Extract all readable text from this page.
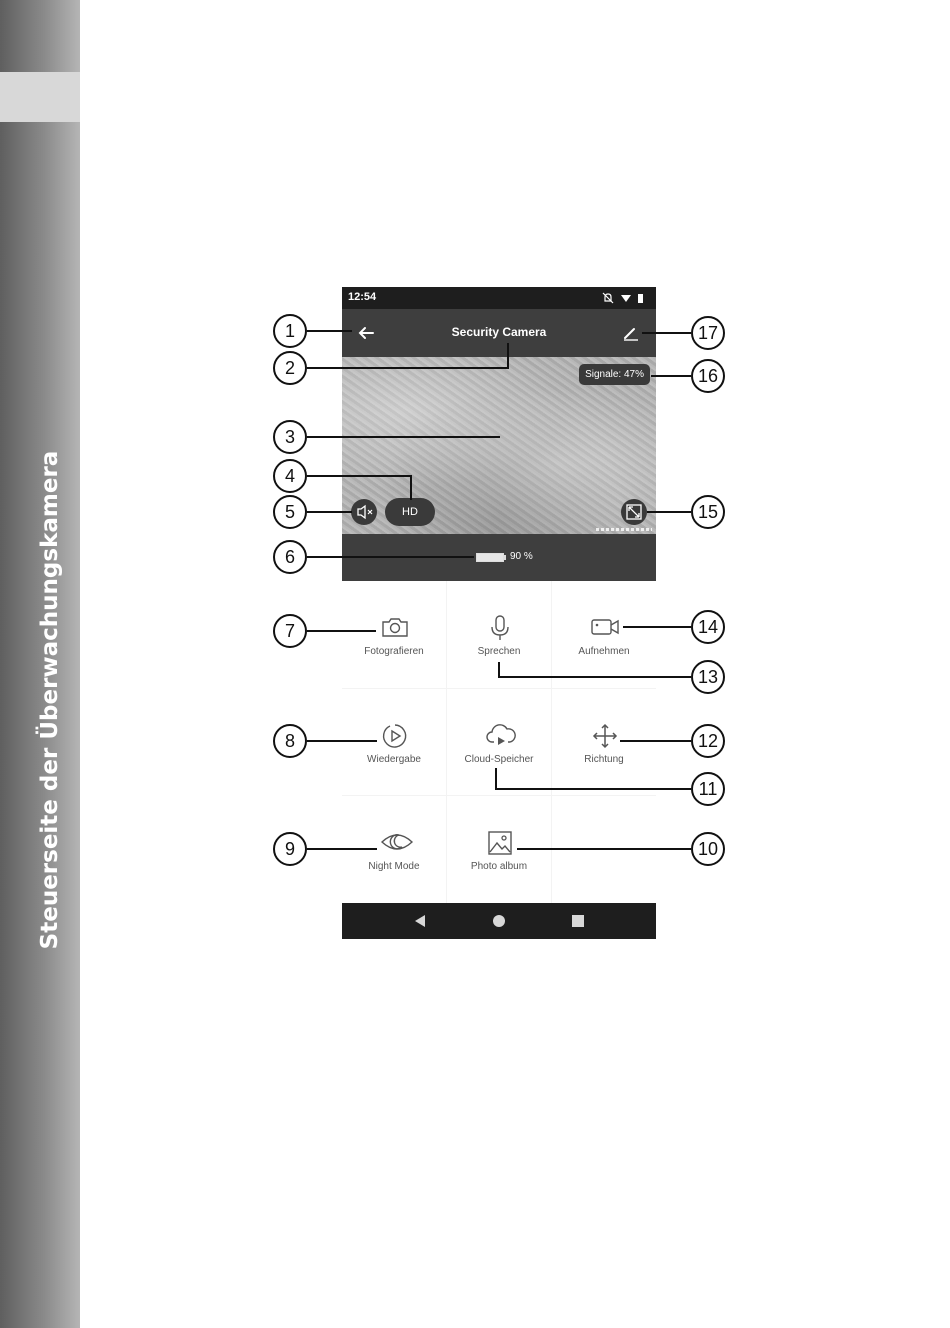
Steuerseite der Überwachungskamera
12:54
Security Camera
Signale: 47%
HD
90 %
Fotografieren	Sprechen	Aufnehmen
Wiedergabe	Cloud-Speicher	Richtung
Night Mode	Photo album
1
2
3
4
5
6
7
8
9	10
11
12
13
14
15
16
17
